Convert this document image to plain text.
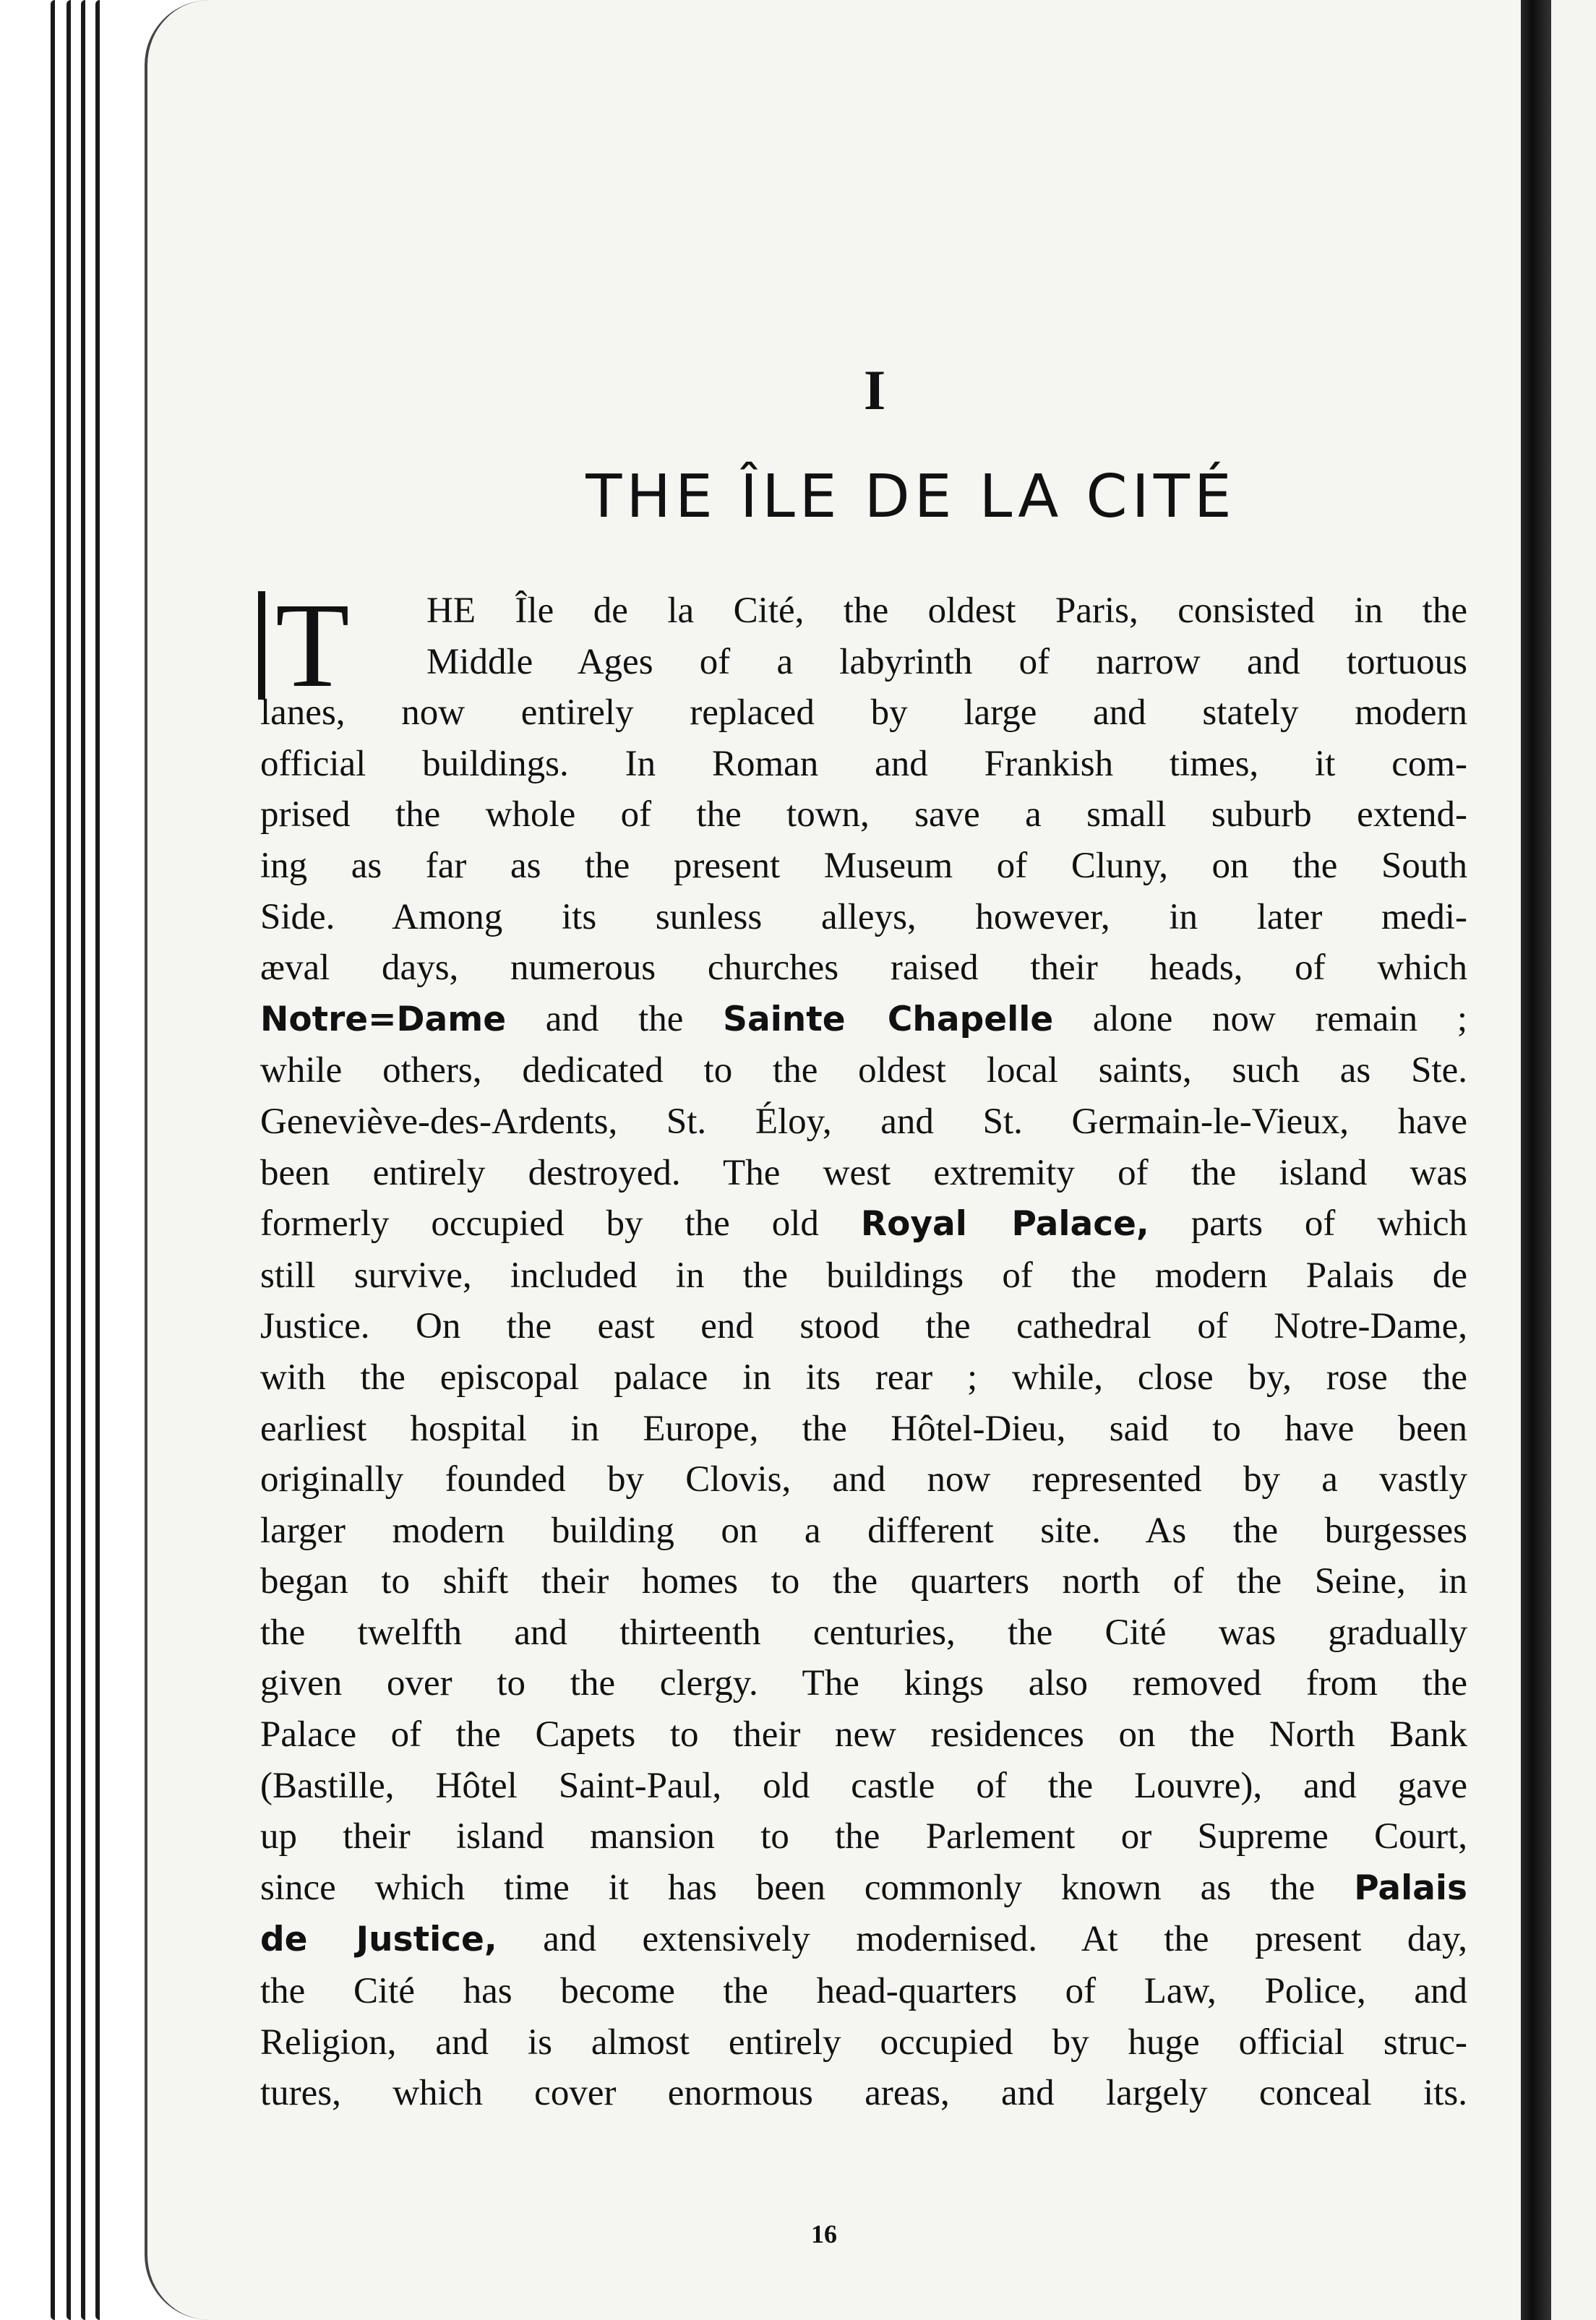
I
THE ÎLE DE LA CITÉ
T	HE Île de la Cité, the oldest Paris, consisted in the
Middle Ages of a labyrinth of narrow and tortuous
lanes, now entirely replaced by large and stately modern
official buildings. In Roman and Frankish times, it com-
prised the whole of the town, save a small suburb extend-
ing as far as the present Museum of Cluny, on the South
Side. Among its sunless alleys, however, in later medi-
æval days, numerous churches raised their heads, of which
Notre=Dame and the Sainte Chapelle alone now remain ;
while others, dedicated to the oldest local saints, such as Ste.
Geneviève-des-Ardents, St. Éloy, and St. Germain-le-Vieux, have
been entirely destroyed. The west extremity of the island was
formerly occupied by the old Royal Palace, parts of which
still survive, included in the buildings of the modern Palais de
Justice. On the east end stood the cathedral of Notre-Dame,
with the episcopal palace in its rear ; while, close by, rose the
earliest hospital in Europe, the Hôtel-Dieu, said to have been
originally founded by Clovis, and now represented by a vastly
larger modern building on a different site. As the burgesses
began to shift their homes to the quarters north of the Seine, in
the twelfth and thirteenth centuries, the Cité was gradually
given over to the clergy. The kings also removed from the
Palace of the Capets to their new residences on the North Bank
(Bastille, Hôtel Saint-Paul, old castle of the Louvre), and gave
up their island mansion to the Parlement or Supreme Court,
since which time it has been commonly known as the Palais
de Justice, and extensively modernised. At the present day,
the Cité has become the head-quarters of Law, Police, and
Religion, and is almost entirely occupied by huge official struc-
tures, which cover enormous areas, and largely conceal its.
16
